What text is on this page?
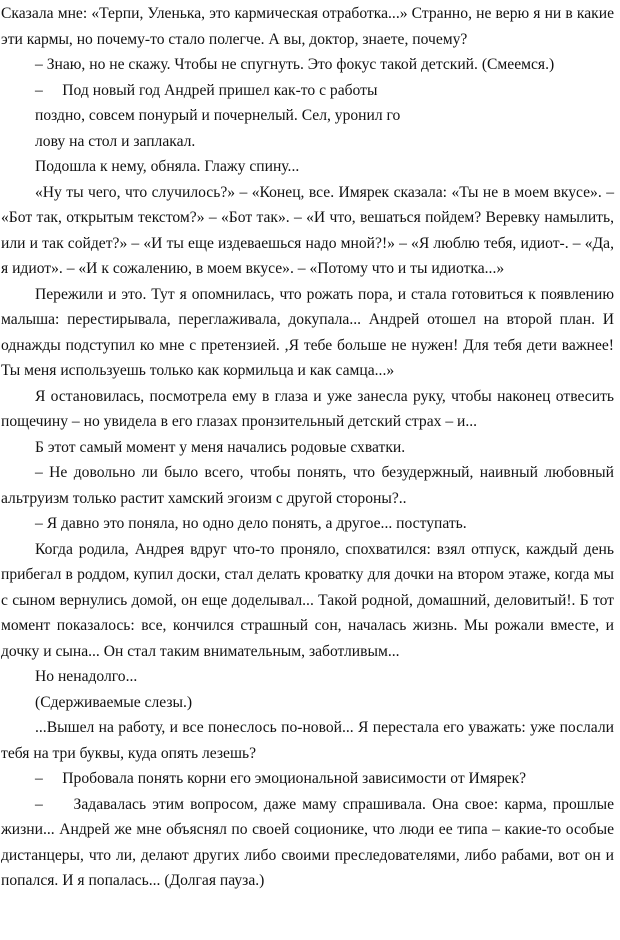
Сказала мне: «Терпи, Уленька, это кармическая отработка...» Странно, не верю я ни в какие
эти кармы, но почему-то стало полегче. А вы, доктор, знаете, почему?
– Знаю, но не скажу. Чтобы не спугнуть. Это фокус такой детский. (Смеемся.)
–     Под новый год Андрей пришел как-то с работы
поздно, совсем понурый и почернелый. Сел, уронил го
лову на стол и заплакал.
Подошла к нему, обняла. Глажу спину...
«Ну ты чего, что случилось?» – «Конец, все. Имярек сказала: «Ты не в моем вкусе». –
«Бот так, открытым текстом?» – «Бот так». – «И что, вешаться пойдем? Веревку намылить,
или и так сойдет?» – «И ты еще издеваешься надо мной?!» – «Я люблю тебя, идиот-. – «Да,
я идиот». – «И к сожалению, в моем вкусе». – «Потому что и ты идиотка...»
Пережили и это. Тут я опомнилась, что рожать пора, и стала готовиться к появлению
малыша: перестирывала, переглаживала, докупала... Андрей отошел на второй план. И
однажды подступил ко мне с претензией. ,Я тебе больше не нужен! Для тебя дети важнее!
Ты меня используешь только как кормильца и как самца...»
Я остановилась, посмотрела ему в глаза и уже занесла руку, чтобы наконец отвесить
пощечину – но увидела в его глазах пронзительный детский страх – и...
Б этот самый момент у меня начались родовые схватки.
– Не довольно ли было всего, чтобы понять, что безудержный, наивный любовный
альтруизм только растит хамский эгоизм с другой стороны?..
– Я давно это поняла, но одно дело понять, а другое... поступать.
Когда родила, Андрея вдруг что-то проняло, спохватился: взял отпуск, каждый день
прибегал в роддом, купил доски, стал делать кроватку для дочки на втором этаже, когда мы
с сыном вернулись домой, он еще доделывал... Такой родной, домашний, деловитый!. Б тот
момент показалось: все, кончился страшный сон, началась жизнь. Мы рожали вместе, и
дочку и сына... Он стал таким внимательным, заботливым...
Но ненадолго...
(Сдерживаемые слезы.)
...Вышел на работу, и все понеслось по-новой... Я перестала его уважать: уже послали
тебя на три буквы, куда опять лезешь?
–     Пробовала понять корни его эмоциональной зависимости от Имярек?
–     Задавалась этим вопросом, даже маму спрашивала. Она свое: карма, прошлые
жизни... Андрей же мне объяснял по своей соционике, что люди ее типа – какие-то особые
дистанцеры, что ли, делают других либо своими преследователями, либо рабами, вот он и
попался. И я попалась... (Долгая пауза.)
